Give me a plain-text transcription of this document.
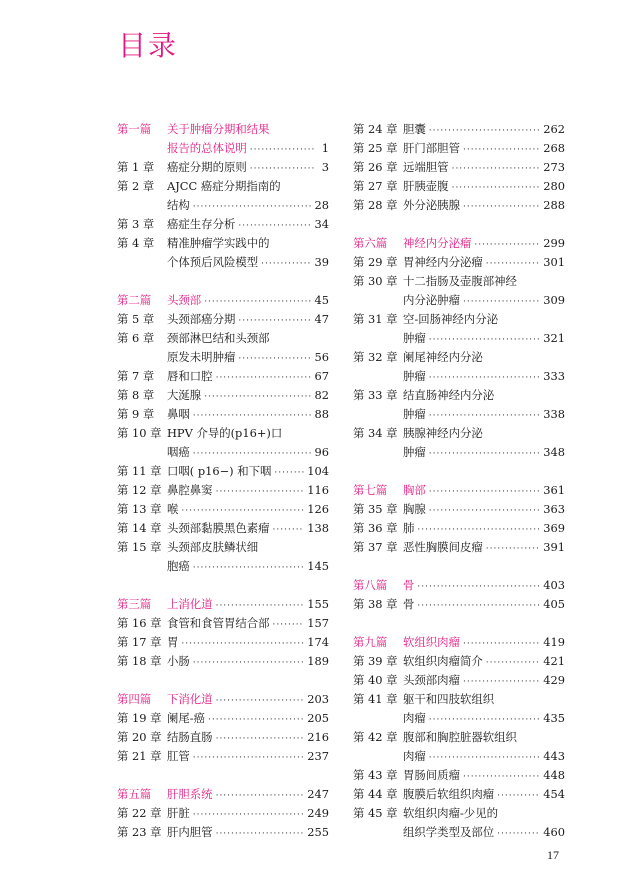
目录
第一篇	关于肿瘤分期和结果
报告的总体说明 ·····	1
第 1 章	癌症分期的原则 ·····	3
第 2 章	AJCC 癌症分期指南的
结构 ·····	28
第 3 章	癌症生存分析 ·····	34
第 4 章	精准肿瘤学实践中的
个体预后风险模型 ·····	39
第二篇	头颈部 ·····	45
第 5 章	头颈部癌分期 ·····	47
第 6 章	颈部淋巴结和头颈部
原发未明肿瘤 ·····	56
第 7 章	唇和口腔 ·····	67
第 8 章	大涎腺 ·····	82
第 9 章	鼻咽 ·····	88
第 10 章 HPV 介导的(p16+)口
咽癌 ·····	96
第 11 章 口咽( p16−) 和下咽 ·····	104
第 12 章 鼻腔鼻窦 ·····	116
第 13 章 喉 ·····	126
第 14 章 头颈部黏膜黑色素瘤 ·····	138
第 15 章 头颈部皮肤鳞状细
胞癌 ·····	145
第三篇	上消化道 ·····	155
第 16 章 食管和食管胃结合部 ·····	157
第 17 章 胃 ·····	174
第 18 章 小肠 ·····	189
第四篇	下消化道 ·····	203
第 19 章 阑尾-癌 ·····	205
第 20 章 结肠直肠 ·····	216
第 21 章 肛管 ·····	237
第五篇	肝胆系统 ·····	247
第 22 章 肝脏 ·····	249
第 23 章 肝内胆管 ·····	255
第 24 章 胆囊 ·····	262
第 25 章 肝门部胆管 ·····	268
第 26 章 远端胆管 ·····	273
第 27 章 肝胰壶腹 ·····	280
第 28 章 外分泌胰腺 ·····	288
第六篇	神经内分泌瘤 ·····	299
第 29 章 胃神经内分泌瘤 ·····	301
第 30 章 十二指肠及壶腹部神经
内分泌肿瘤 ·····	309
第 31 章 空-回肠神经内分泌
肿瘤 ·····	321
第 32 章 阑尾神经内分泌
肿瘤 ·····	333
第 33 章 结直肠神经内分泌
肿瘤 ·····	338
第 34 章 胰腺神经内分泌
肿瘤 ·····	348
第七篇	胸部 ·····	361
第 35 章 胸腺 ·····	363
第 36 章 肺 ·····	369
第 37 章 恶性胸膜间皮瘤 ·····	391
第八篇	骨 ·····	403
第 38 章 骨 ·····	405
第九篇	软组织肉瘤 ·····	419
第 39 章 软组织肉瘤简介 ·····	421
第 40 章 头颈部肉瘤 ·····	429
第 41 章 躯干和四肢软组织
肉瘤 ·····	435
第 42 章 腹部和胸腔脏器软组织
肉瘤 ·····	443
第 43 章 胃肠间质瘤 ·····	448
第 44 章 腹膜后软组织肉瘤 ·····	454
第 45 章 软组织肉瘤-少见的
组织学类型及部位 ·····	460
17
